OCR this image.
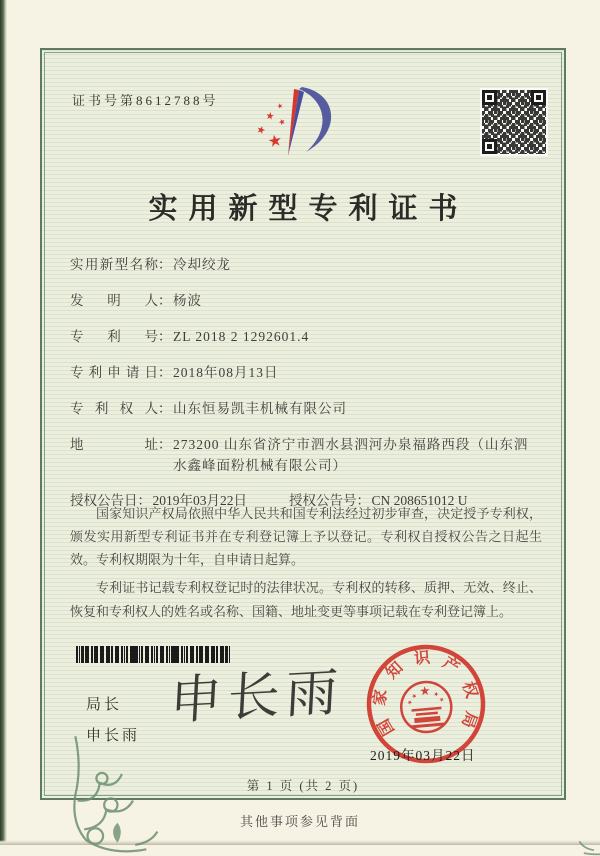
证书号第8612788号
实用新型专利证书
实用新型名称： 冷却绞龙
发明人： 杨波
专利号： ZL 2018 2 1292601.4
专利申请日： 2018年08月13日
专利权人： 山东恒易凯丰机械有限公司
地址： 273200 山东省济宁市泗水县泗河办泉福路西段（山东泗水鑫峰面粉机械有限公司）
授权公告日： 2019年03月22日	授权公告号： CN 208651012 U

国家知识产权局依照中华人民共和国专利法经过初步审查，决定授予专利权，颁发实用新型专利证书并在专利登记簿上予以登记。专利权自授权公告之日起生效。专利权期限为十年，自申请日起算。

专利证书记载专利权登记时的法律状况。专利权的转移、质押、无效、终止、恢复和专利权人的姓名或名称、国籍、地址变更等事项记载在专利登记簿上。

局长
申长雨
申长雨 国
家
知
识 产
权
局
2019年03月22日
第 1 页 (共 2 页)
其他事项参见背面
